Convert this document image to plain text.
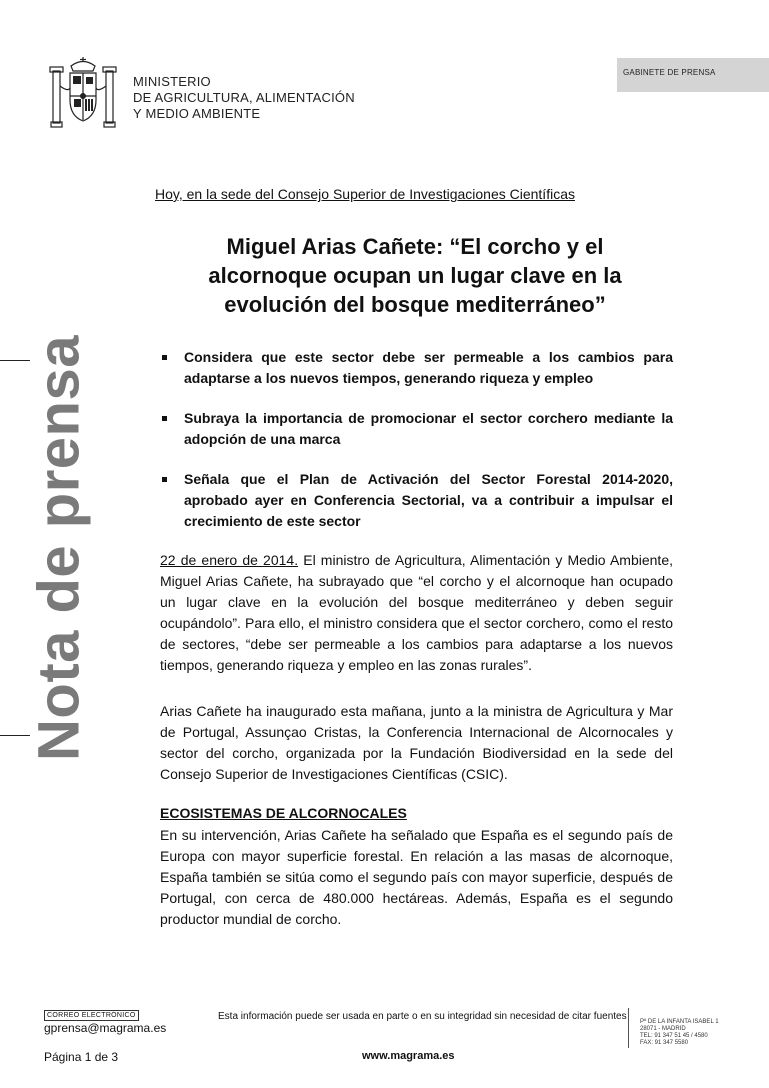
MINISTERIO
DE AGRICULTURA, ALIMENTACIÓN
Y MEDIO AMBIENTE
GABINETE DE PRENSA
Nota de prensa
Hoy, en la sede del Consejo Superior de Investigaciones Científicas
Miguel Arias Cañete: “El corcho y el
alcornoque ocupan un lugar clave en la
evolución del bosque mediterráneo”
Considera que este sector debe ser permeable a los cambios para adaptarse a los nuevos tiempos, generando riqueza y empleo
Subraya la importancia de promocionar el sector corchero mediante la adopción de una marca
Señala que el Plan de Activación del Sector Forestal 2014-2020, aprobado ayer en Conferencia Sectorial, va a contribuir a impulsar el crecimiento de este sector

22 de enero de 2014. El ministro de Agricultura, Alimentación y Medio Ambiente, Miguel Arias Cañete, ha subrayado que “el corcho y el alcornoque han ocupado un lugar clave en la evolución del bosque mediterráneo y deben seguir ocupándolo”. Para ello, el ministro considera que el sector corchero, como el resto de sectores, “debe ser permeable a los cambios para adaptarse a los nuevos tiempos, generando riqueza y empleo en las zonas rurales”.

Arias Cañete ha inaugurado esta mañana, junto a la ministra de Agricultura y Mar de Portugal, Assunçao Cristas, la Conferencia Internacional de Alcornocales y sector del corcho, organizada por la Fundación Biodiversidad en la sede del Consejo Superior de Investigaciones Científicas (CSIC).

ECOSISTEMAS DE ALCORNOCALES

En su intervención, Arias Cañete ha señalado que España es el segundo país de Europa con mayor superficie forestal. En relación a las masas de alcornoque, España también se sitúa como el segundo país con mayor superficie, después de Portugal, con cerca de 480.000 hectáreas. Además, España es el segundo productor mundial de corcho.

CORREO ELECTRÓNICO
gprensa@magrama.es
Esta información puede ser usada en parte o en su integridad sin necesidad de citar fuentes Pº DE LA INFANTA ISABEL 1
28071 - MADRID
TEL: 91 347 51 45 / 4580
FAX: 91 347 5580
Página 1 de 3	www.magrama.es
